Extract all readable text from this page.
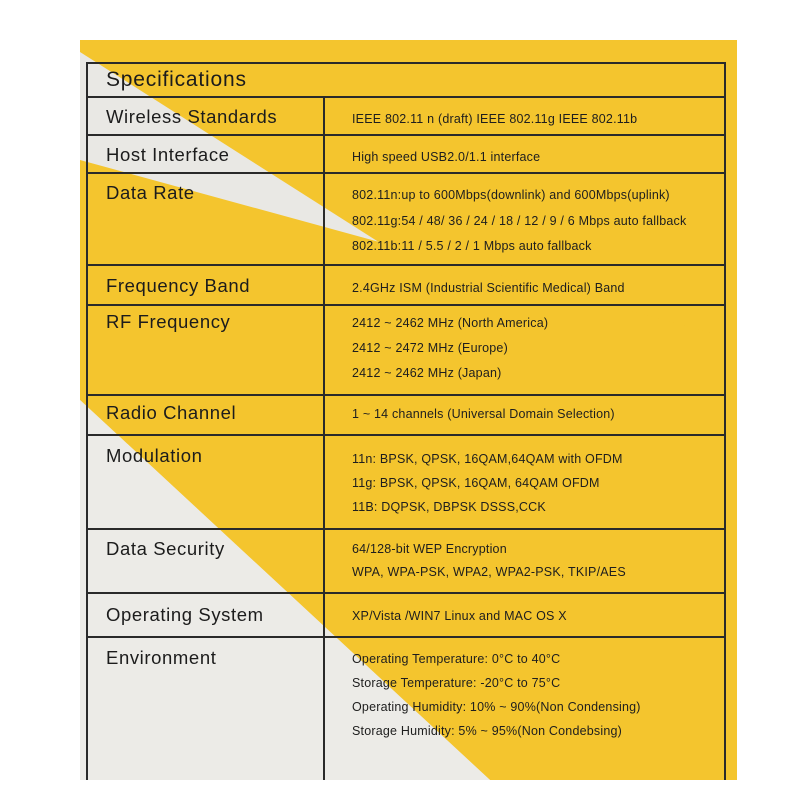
Specifications
Wireless Standards	IEEE 802.11 n (draft) IEEE 802.11g IEEE 802.11b
Host Interface	High speed USB2.0/1.1 interface
Data Rate	802.11n:up to 600Mbps(downlink) and 600Mbps(uplink)
802.11g:54 / 48/ 36 / 24 / 18 / 12 / 9 / 6 Mbps auto fallback
802.11b:11 / 5.5 / 2 / 1 Mbps auto fallback
Frequency Band	2.4GHz ISM (Industrial Scientific Medical) Band
RF Frequency	2412 ~ 2462 MHz (North America)
2412 ~ 2472 MHz (Europe)
2412 ~ 2462 MHz (Japan)
Radio Channel	1 ~ 14 channels (Universal Domain Selection)
Modulation	11n: BPSK, QPSK, 16QAM,64QAM with OFDM
11g: BPSK, QPSK, 16QAM, 64QAM OFDM
11B: DQPSK, DBPSK DSSS,CCK
Data Security	64/128-bit WEP Encryption
WPA, WPA-PSK, WPA2, WPA2-PSK, TKIP/AES
Operating System	XP/Vista /WIN7 Linux and MAC OS X
Environment	Operating Temperature: 0°C to 40°C
Storage Temperature: -20°C to 75°C
Operating Humidity: 10% ~ 90%(Non Condensing)
Storage Humidity: 5% ~ 95%(Non Condebsing)
